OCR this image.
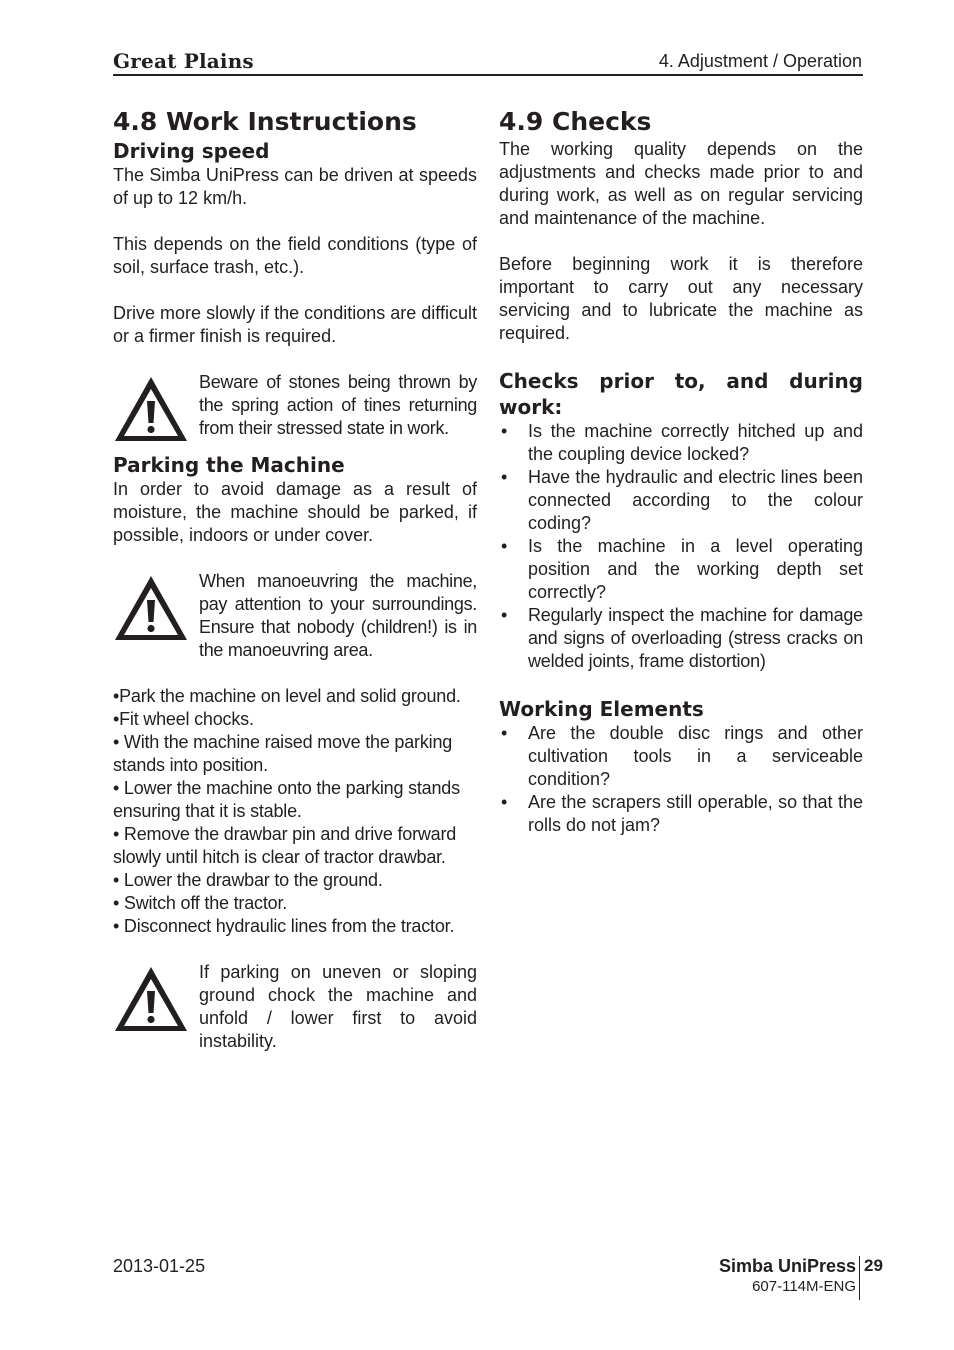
Great Plains	4. Adjustment / Operation
4.8 Work Instructions
Driving speed

The Simba UniPress can be driven at speeds of up to 12 km/h.

This depends on the field conditions (type of soil, surface trash, etc.).

Drive more slowly if the conditions are difficult or a firmer finish is required.

Beware of stones being thrown by the spring action of tines returning from their stressed state in work.

Parking the Machine

In order to avoid damage as a result of moisture, the machine should be parked, if possible, indoors or under cover.

When manoeuvring the machine, pay attention to your surroundings. Ensure that nobody (children!) is in the manoeuvring area.

•Park the machine on level and solid ground.
•Fit wheel chocks.
• With the machine raised move the parking stands into position.
• Lower the machine onto the parking stands ensuring that it is stable.
• Remove the drawbar pin and drive forward slowly until hitch is clear of tractor drawbar.
• Lower the drawbar to the ground.
• Switch off the tractor.
• Disconnect hydraulic lines from the tractor.

If parking on uneven or sloping ground chock the machine and unfold / lower first to avoid instability.

4.9 Checks

The working quality depends on the adjustments and checks made prior to and during work, as well as on regular servicing and maintenance of the machine.

Before beginning work it is therefore important to carry out any necessary servicing and to lubricate the machine as required.

Checks prior to, and during work:
• Is the machine correctly hitched up and the coupling device locked?
• Have the hydraulic and electric lines been connected according to the colour coding?
• Is the machine in a level operating position and the working depth set correctly?
• Regularly inspect the machine for damage and signs of overloading (stress cracks on welded joints, frame distortion)
Working Elements
• Are the double disc rings and other cultivation tools in a serviceable condition?
• Are the scrapers still operable, so that the rolls do not jam?
2013-01-25	Simba UniPress
607-114M-ENG
29
